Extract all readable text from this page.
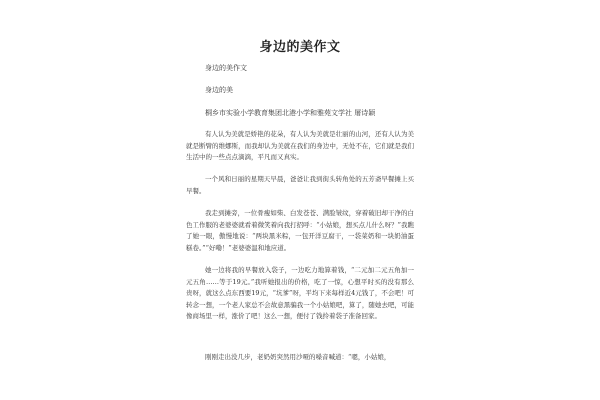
身边的美作文
身边的美作文
身边的美
桐乡市实验小学教育集团北港小学和雅苑文学社 屠诗颖

有人认为美就是娇艳的花朵，有人认为美就是壮丽的山河，还有人认为美就是断臂的维娜斯，而我却认为美就在我们的身边中，无处不在，它们就是我们生活中的一些点点滴滴，平凡而又真实。

一个风和日丽的星期天早晨，爸爸让我到街头转角处的五芳斋早餐摊上买早餐。

我走到摊旁，一位骨瘦如柴、白发苍苍、满脸皱纹，穿着破旧却干净的白色工作服的老婆婆就看着微笑着向我打招呼：“小姑娘，想买点儿什么呀？”我瞧了她一眼，傲慢地说：“两块黑米粽，一包开洋豆腐干，一袋菜奶和一块奶油蛋糕卷。”“好嘞！”老婆婆温和地应道。

她一边将我的早餐放入袋子，一边吃力地算着钱，“二元加二元五角加一元五角……等于19元。”我听她报出的价格，吃了一惊，心想平时买的没有那么贵呀，就这么点东西要19元，“坑爹”呀，平均下来每样近4元钱了，不会吧！可转念一想，一个老人家总不会故意黑骗我一个小姑娘吧，算了，随她去吧，可能像商场里一样，涨价了吧！这么一想，便付了钱拎着袋子准备回家。

刚刚走出没几步，老奶奶突然用沙哑的嗓音喊道：“嗯，小姑娘，
